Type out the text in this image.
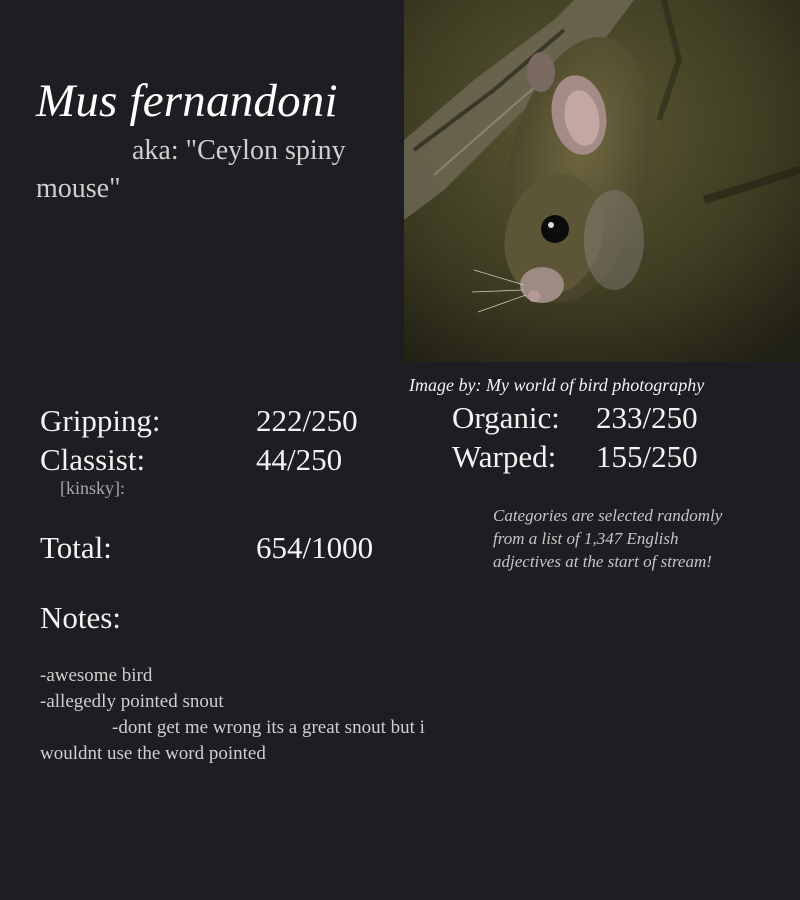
Mus fernandoni
aka: "Ceylon spiny mouse"
Image by: My world of bird photography
Gripping:	222/250
Classist:	44/250
[kinsky]:
Organic: 233/250
Warped: 155/250
Total:	654/1000
Categories are selected randomly from a list of 1,347 English adjectives at the start of stream!
Notes:
-awesome bird
-allegedly pointed snout
-dont get me wrong its a great snout but i wouldnt use the word pointed
